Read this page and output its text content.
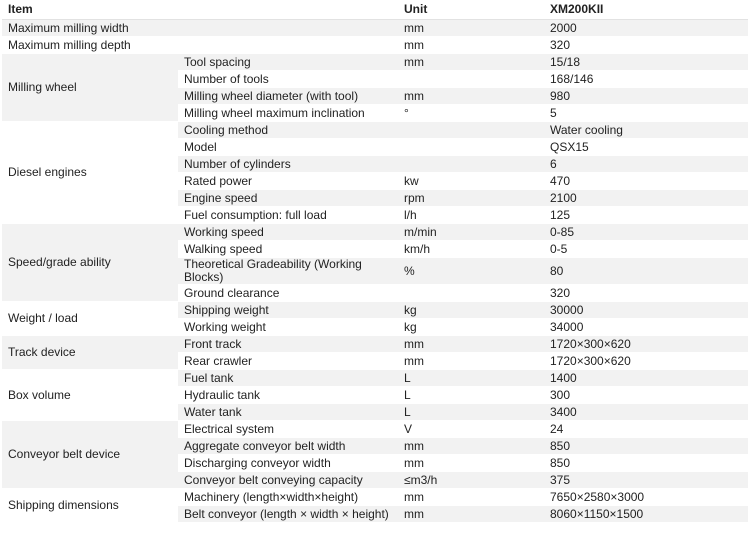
Item		Unit	XM200KII
Maximum milling width		mm	2000
Maximum milling depth		mm	320
Milling wheel	Tool spacing	mm	15/18
	Number of tools		168/146
	Milling wheel diameter (with tool)	mm	980
	Milling wheel maximum inclination	°	5
Diesel engines	Cooling method		Water cooling
	Model		QSX15
	Number of cylinders		6
	Rated power	kw	470
	Engine speed	rpm	2100
	Fuel consumption: full load	l/h	125
Speed/grade ability	Working speed	m/min	0-85
	Walking speed	km/h	0-5
	Theoretical Gradeability (Working Blocks)	%	80
	Ground clearance		320
Weight / load	Shipping weight	kg	30000
	Working weight	kg	34000
Track device	Front track	mm	1720×300×620
	Rear crawler	mm	1720×300×620
Box volume	Fuel tank	L	1400
	Hydraulic tank	L	300
	Water tank	L	3400
Conveyor belt device	Electrical system	V	24
	Aggregate conveyor belt width	mm	850
	Discharging conveyor width	mm	850
	Conveyor belt conveying capacity	≤m3/h	375
Shipping dimensions	Machinery (length×width×height)	mm	7650×2580×3000
	Belt conveyor (length × width × height)	mm	8060×1150×1500
